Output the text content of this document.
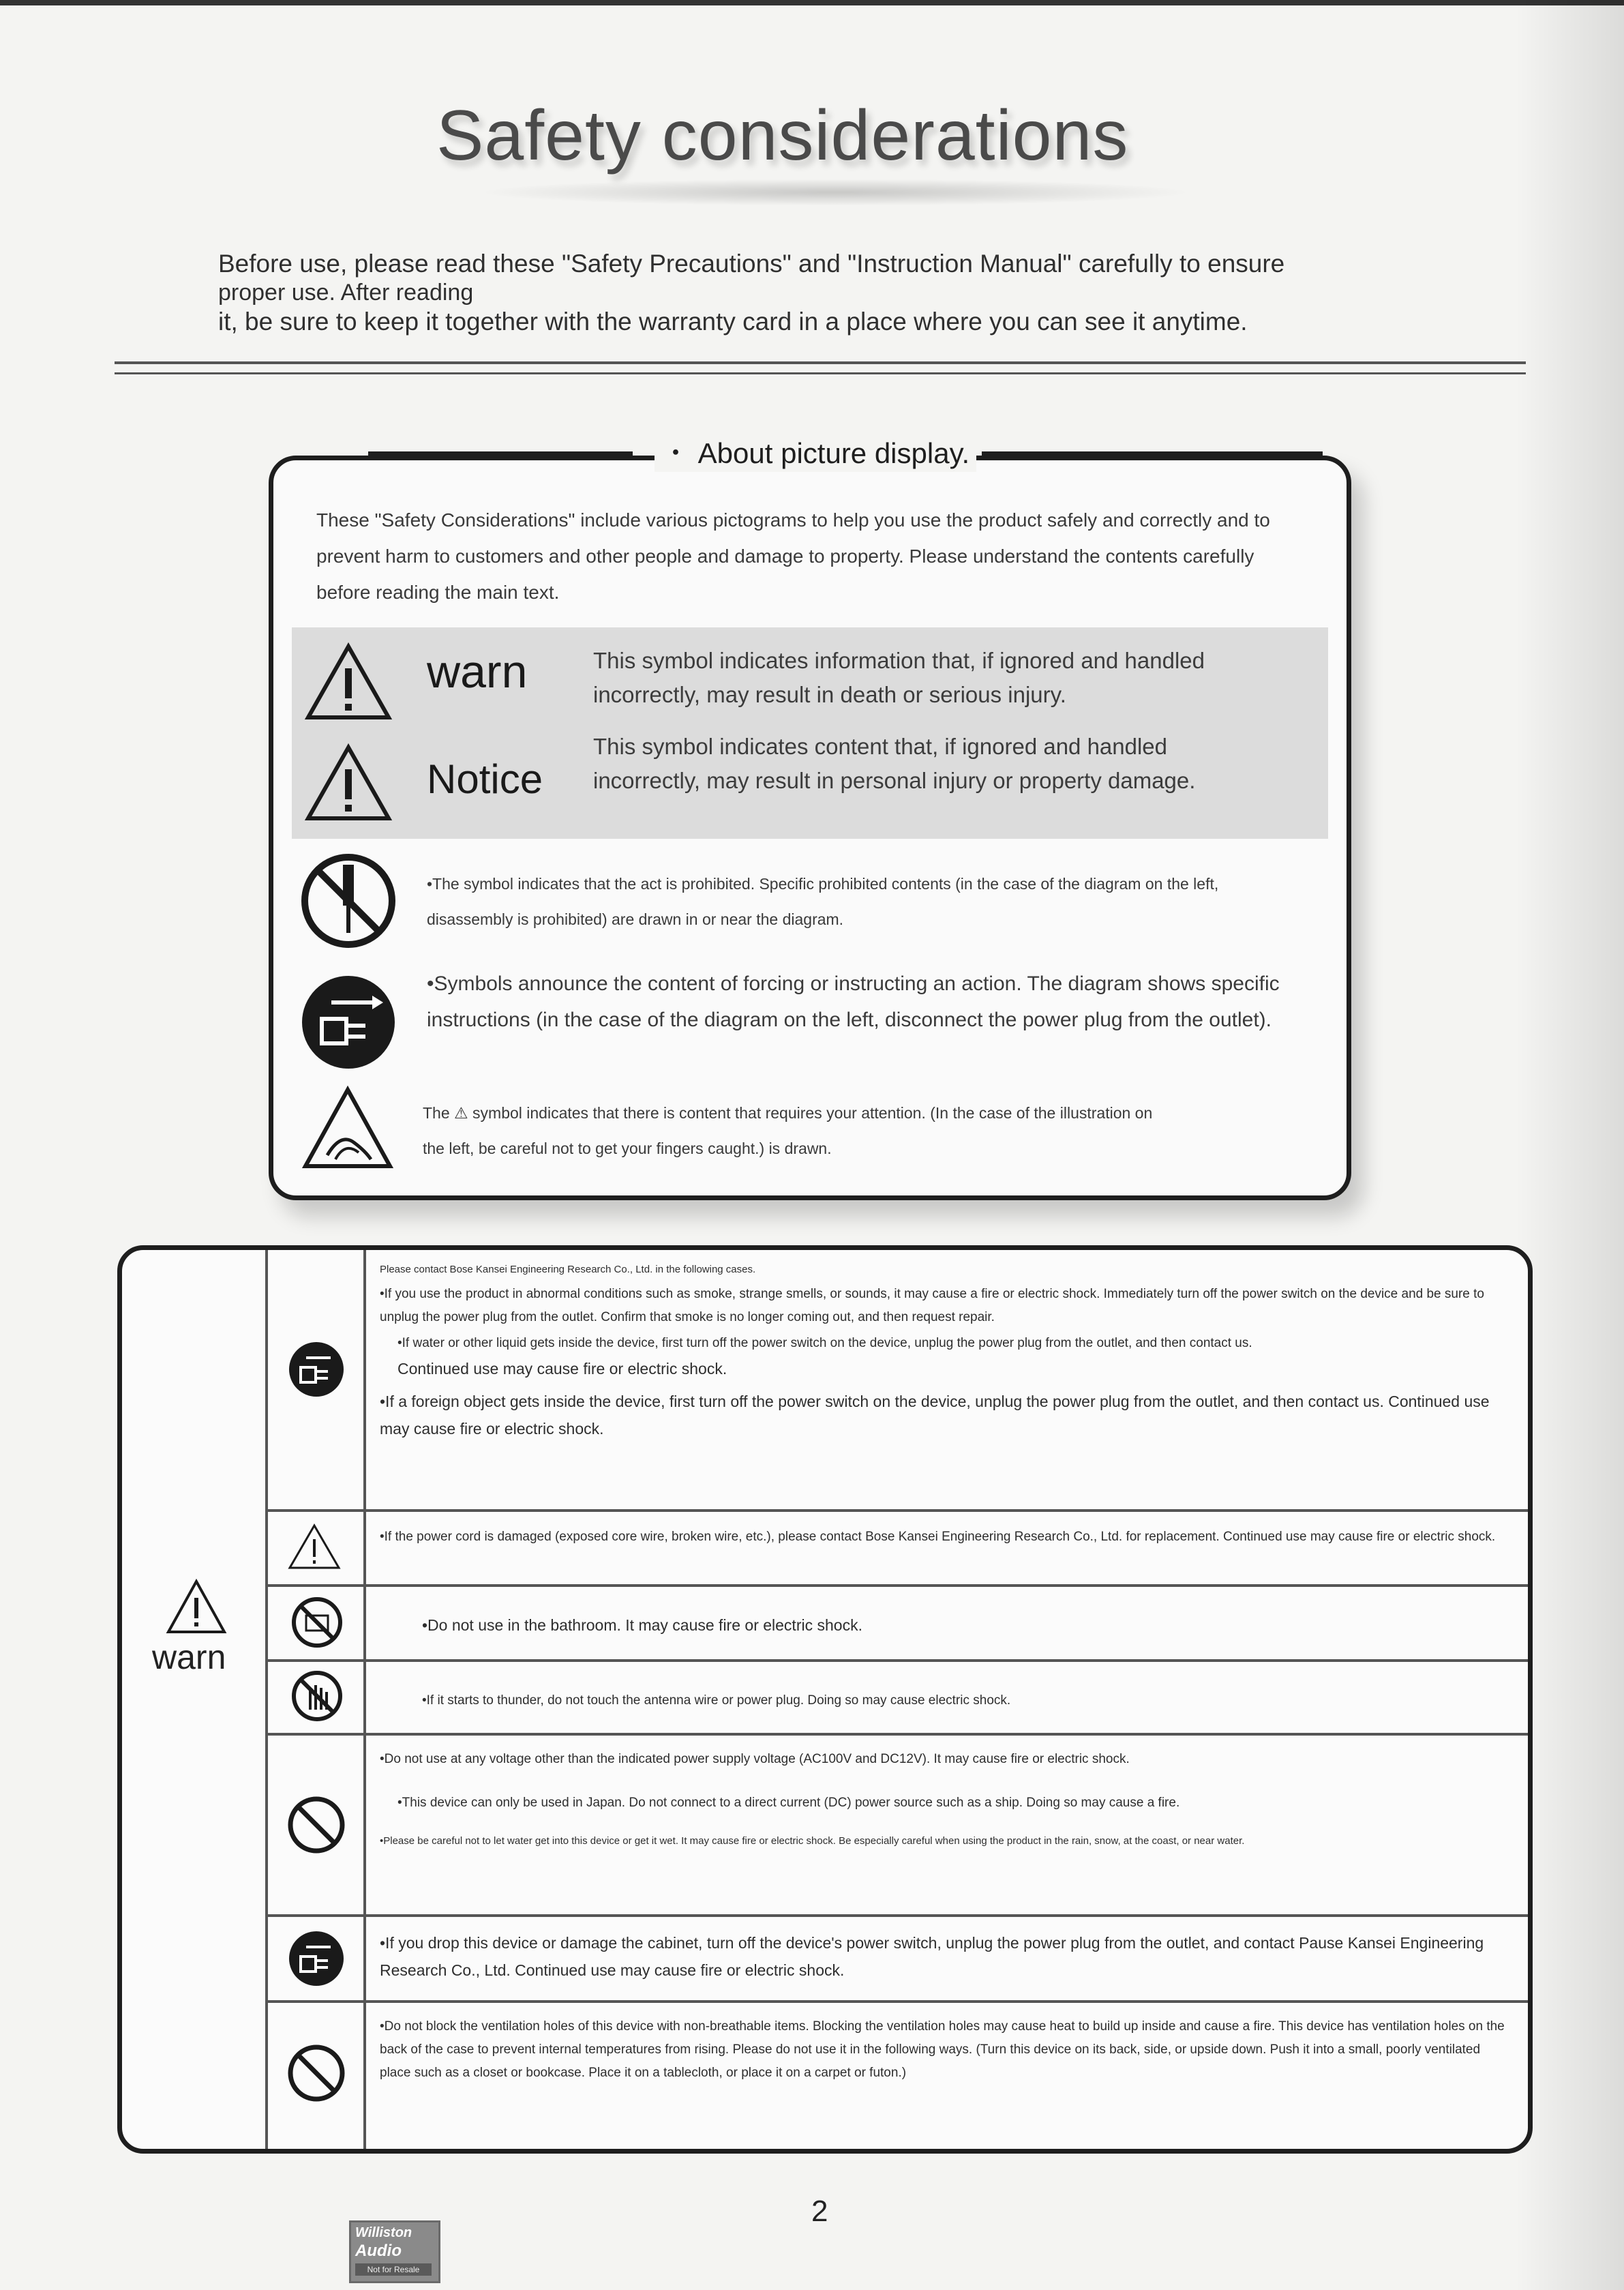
Safety considerations

Before use, please read these "Safety Precautions" and "Instruction Manual" carefully to ensure

proper use. After reading

it, be sure to keep it together with the warranty card in a place where you can see it anytime.

・ About picture display.
These "Safety Considerations" include various pictograms to help you use the product safely and correctly and to prevent harm to customers and other people and damage to property. Please understand the contents carefully before reading the main text.
warn	This symbol indicates information that, if ignored and handled incorrectly, may result in death or serious injury.
Notice
This symbol indicates content that, if ignored and handled incorrectly, may result in personal injury or property damage.
•The symbol indicates that the act is prohibited. Specific prohibited contents (in the case of the diagram on the left, disassembly is prohibited) are drawn in or near the diagram.
•Symbols announce the content of forcing or instructing an action. The diagram shows specific instructions (in the case of the diagram on the left, disconnect the power plug from the outlet).
The ⚠ symbol indicates that there is content that requires your attention. (In the case of the illustration on the left, be careful not to get your fingers caught.) is drawn.
warn

Please contact Bose Kansei Engineering Research Co., Ltd. in the following cases.

•If you use the product in abnormal conditions such as smoke, strange smells, or sounds, it may cause a fire or electric shock. Immediately turn off the power switch on the device and be sure to unplug the power plug from the outlet. Confirm that smoke is no longer coming out, and then request repair.

•If water or other liquid gets inside the device, first turn off the power switch on the device, unplug the power plug from the outlet, and then contact us.

Continued use may cause fire or electric shock.

•If a foreign object gets inside the device, first turn off the power switch on the device, unplug the power plug from the outlet, and then contact us. Continued use may cause fire or electric shock.

•If the power cord is damaged (exposed core wire, broken wire, etc.), please contact Bose Kansei Engineering Research Co., Ltd. for replacement. Continued use may cause fire or electric shock.
•Do not use in the bathroom. It may cause fire or electric shock.
•If it starts to thunder, do not touch the antenna wire or power plug. Doing so may cause electric shock.

•Do not use at any voltage other than the indicated power supply voltage (AC100V and DC12V). It may cause fire or electric shock.

•This device can only be used in Japan. Do not connect to a direct current (DC) power source such as a ship. Doing so may cause a fire.

•Please be careful not to let water get into this device or get it wet. It may cause fire or electric shock. Be especially careful when using the product in the rain, snow, at the coast, or near water.

•If you drop this device or damage the cabinet, turn off the device's power switch, unplug the power plug from the outlet, and contact Pause Kansei Engineering Research Co., Ltd. Continued use may cause fire or electric shock.
•Do not block the ventilation holes of this device with non-breathable items. Blocking the ventilation holes may cause heat to build up inside and cause a fire. This device has ventilation holes on the back of the case to prevent internal temperatures from rising. Please do not use it in the following ways. (Turn this device on its back, side, or upside down. Push it into a small, poorly ventilated place such as a closet or bookcase. Place it on a tablecloth, or place it on a carpet or futon.)
2
Williston
Audio
Not for Resale
